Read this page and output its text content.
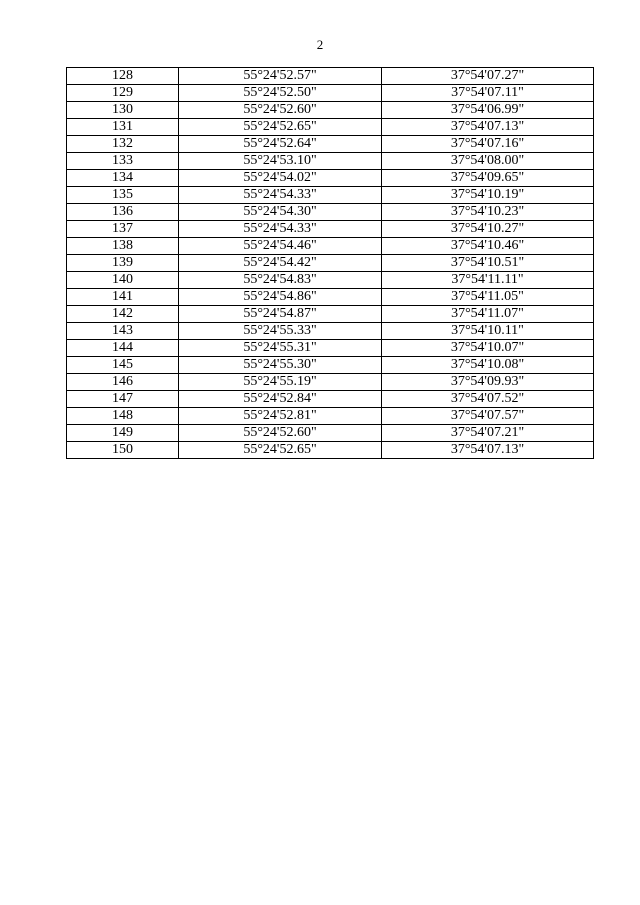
2
128	55°24'52.57"	37°54'07.27"
129	55°24'52.50"	37°54'07.11"
130	55°24'52.60"	37°54'06.99"
131	55°24'52.65"	37°54'07.13"
132	55°24'52.64"	37°54'07.16"
133	55°24'53.10"	37°54'08.00"
134	55°24'54.02"	37°54'09.65"
135	55°24'54.33"	37°54'10.19"
136	55°24'54.30"	37°54'10.23"
137	55°24'54.33"	37°54'10.27"
138	55°24'54.46"	37°54'10.46"
139	55°24'54.42"	37°54'10.51"
140	55°24'54.83"	37°54'11.11"
141	55°24'54.86"	37°54'11.05"
142	55°24'54.87"	37°54'11.07"
143	55°24'55.33"	37°54'10.11"
144	55°24'55.31"	37°54'10.07"
145	55°24'55.30"	37°54'10.08"
146	55°24'55.19"	37°54'09.93"
147	55°24'52.84"	37°54'07.52"
148	55°24'52.81"	37°54'07.57"
149	55°24'52.60"	37°54'07.21"
150	55°24'52.65"	37°54'07.13"
